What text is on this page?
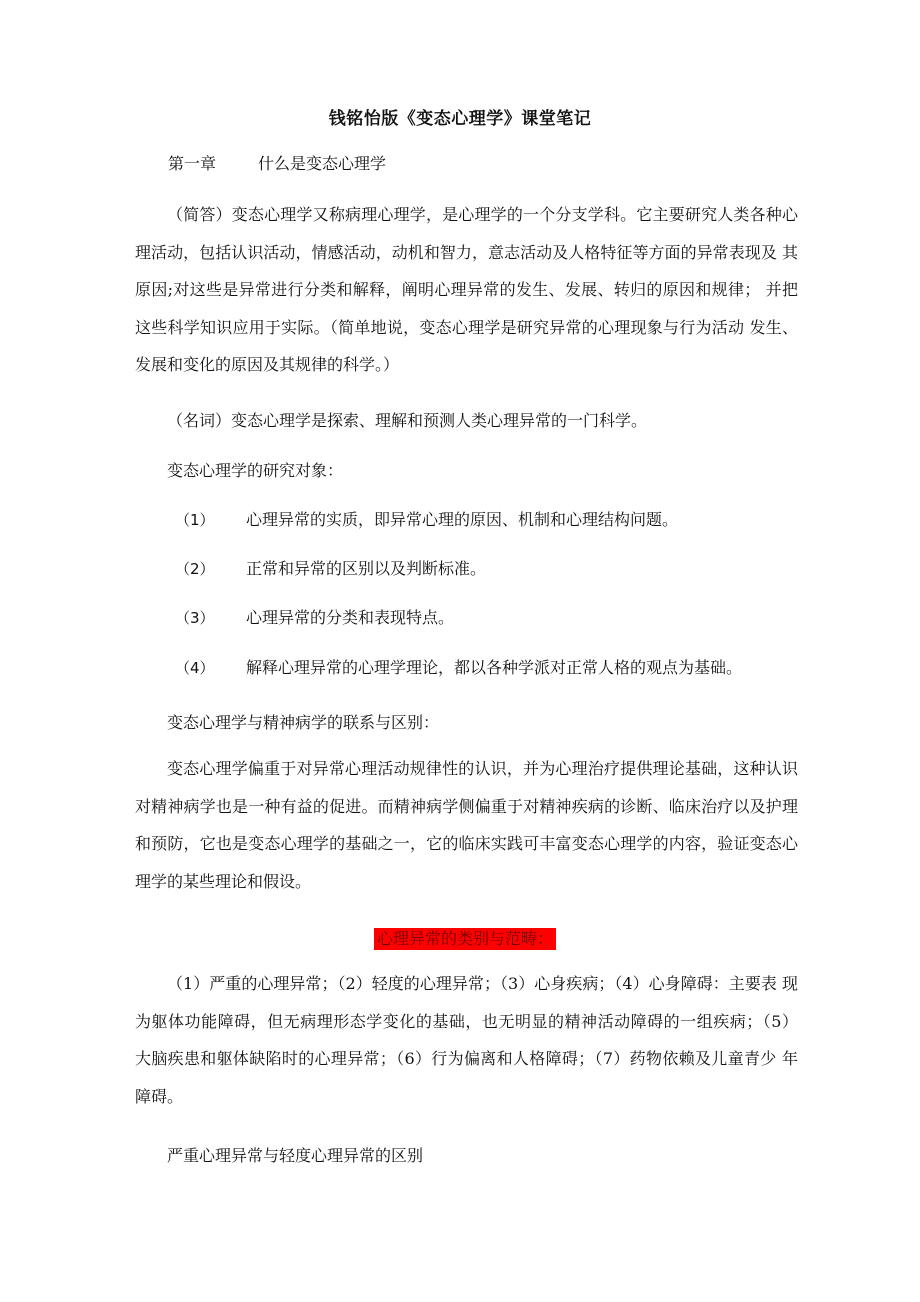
钱铭怡版《变态心理学》课堂笔记
第一章	什么是变态心理学
（简答）变态心理学又称病理心理学，是心理学的一个分支学科。它主要研究人类各种心 理活动，包括认识活动，情感活动，动机和智力，意志活动及人格特征等方面的异常表现及 其原因;对这些是异常进行分类和解释，阐明心理异常的发生、发展、转归的原因和规律； 并把这些科学知识应用于实际。（简单地说，变态心理学是研究异常的心理现象与行为活动 发生、发展和变化的原因及其规律的科学。）
（名词）变态心理学是探索、理解和预测人类心理异常的一门科学。
变态心理学的研究对象：
（1） 心理异常的实质，即异常心理的原因、机制和心理结构问题。
（2） 正常和异常的区别以及判断标准。
（3） 心理异常的分类和表现特点。
（4） 解释心理异常的心理学理论，都以各种学派对正常人格的观点为基础。
变态心理学与精神病学的联系与区别：
变态心理学偏重于对异常心理活动规律性的认识，并为心理治疗提供理论基础，这种认识对精神病学也是一种有益的促进。而精神病学侧偏重于对精神疾病的诊断、临床治疗以及护理和预防，它也是变态心理学的基础之一，它的临床实践可丰富变态心理学的内容，验证变态心理学的某些理论和假设。
心理异常的类别与范畴：
（1）严重的心理异常；（2）轻度的心理异常；（3）心身疾病；（4）心身障碍：主要表 现为躯体功能障碍，但无病理形态学变化的基础，也无明显的精神活动障碍的一组疾病；（5） 大脑疾患和躯体缺陷时的心理异常；（6）行为偏离和人格障碍；（7）药物依赖及儿童青少 年障碍。
严重心理异常与轻度心理异常的区别
